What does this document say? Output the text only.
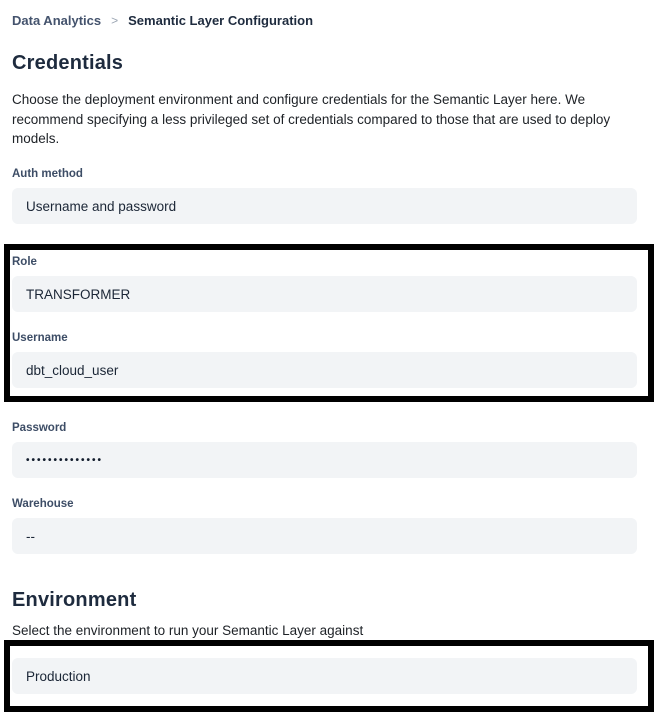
Data Analytics > Semantic Layer Configuration
Credentials

Choose the deployment environment and configure credentials for the Semantic Layer here. We recommend specifying a less privileged set of credentials compared to those that are used to deploy models.

Auth method
Username and password
Role
TRANSFORMER
Username
dbt_cloud_user
Password
••••••••••••••
Warehouse
--
Environment

Select the environment to run your Semantic Layer against

Production
